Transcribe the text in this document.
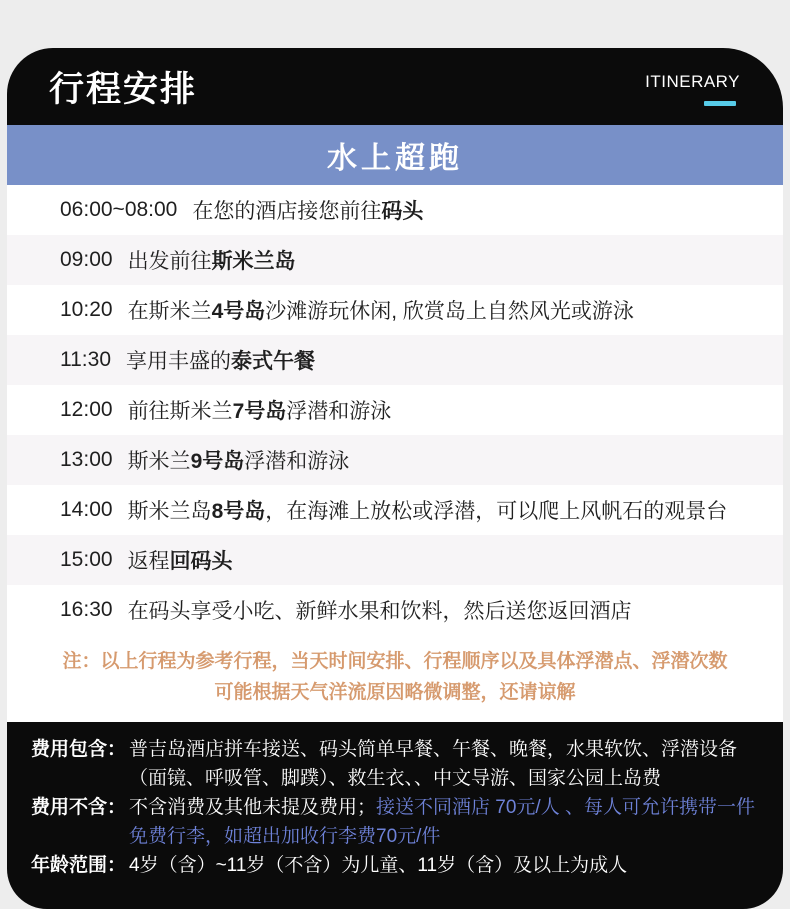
行程安排	ITINERARY
水上超跑
06:00~08:00 在您的酒店接您前往码头
09:00 出发前往斯米兰岛
10:20 在斯米兰4号岛沙滩游玩休闲, 欣赏岛上自然风光或游泳
11:30 享用丰盛的泰式午餐
12:00 前往斯米兰7号岛浮潜和游泳
13:00 斯米兰9号岛浮潜和游泳
14:00 斯米兰岛8号岛，在海滩上放松或浮潜，可以爬上风帆石的观景台
15:00 返程回码头
16:30 在码头享受小吃、新鲜水果和饮料，然后送您返回酒店
注：以上行程为参考行程，当天时间安排、行程顺序以及具体浮潜点、浮潜次数
可能根据天气洋流原因略微调整，还请谅解
费用包含： 普吉岛酒店拼车接送、码头简单早餐、午餐、晚餐，水果软饮、浮潜设备（面镜、呼吸管、脚蹼）、救生衣、、中文导游、国家公园上岛费
费用不含： 不含消费及其他未提及费用；接送不同酒店 70元/人 、每人可允许携带一件免费行李，如超出加收行李费70元/件
年龄范围： 4岁（含）~11岁（不含）为儿童、11岁（含）及以上为成人
